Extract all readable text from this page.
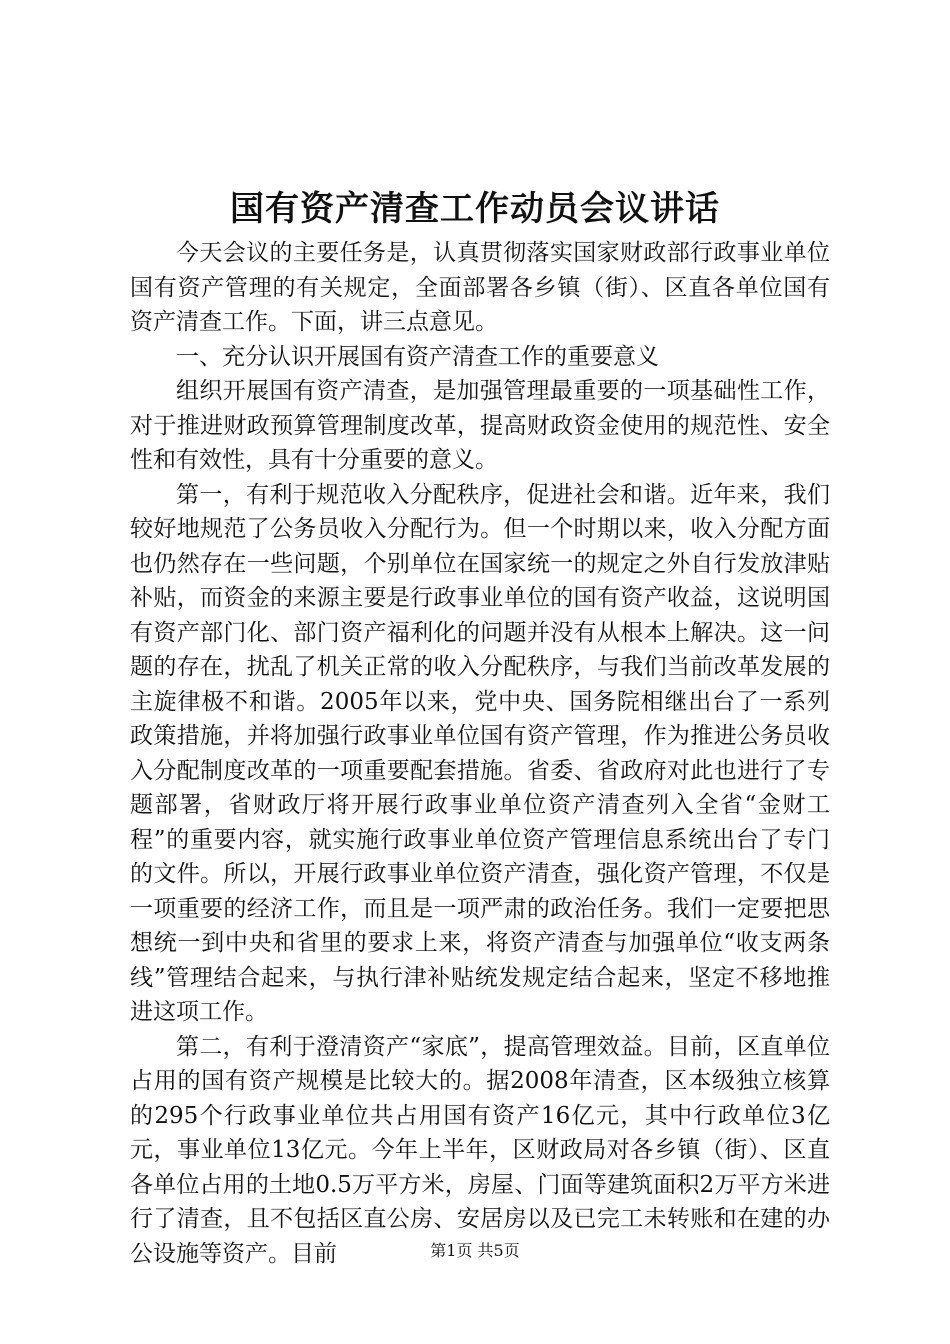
国有资产清查工作动员会议讲话

今天会议的主要任务是，认真贯彻落实国家财政部行政事业单位国有资产管理的有关规定，全面部署各乡镇（街）、区直各单位国有资产清查工作。下面，讲三点意见。

一、充分认识开展国有资产清查工作的重要意义

组织开展国有资产清查，是加强管理最重要的一项基础性工作，对于推进财政预算管理制度改革，提高财政资金使用的规范性、安全性和有效性，具有十分重要的意义。

第一，有利于规范收入分配秩序，促进社会和谐。近年来，我们较好地规范了公务员收入分配行为。但一个时期以来，收入分配方面也仍然存在一些问题，个别单位在国家统一的规定之外自行发放津贴补贴，而资金的来源主要是行政事业单位的国有资产收益，这说明国有资产部门化、部门资产福利化的问题并没有从根本上解决。这一问题的存在，扰乱了机关正常的收入分配秩序，与我们当前改革发展的主旋律极不和谐。2005年以来，党中央、国务院相继出台了一系列政策措施，并将加强行政事业单位国有资产管理，作为推进公务员收入分配制度改革的一项重要配套措施。省委、省政府对此也进行了专题部署，省财政厅将开展行政事业单位资产清查列入全省“金财工程”的重要内容，就实施行政事业单位资产管理信息系统出台了专门的文件。所以，开展行政事业单位资产清查，强化资产管理，不仅是一项重要的经济工作，而且是一项严肃的政治任务。我们一定要把思想统一到中央和省里的要求上来，将资产清查与加强单位“收支两条线”管理结合起来，与执行津补贴统发规定结合起来，坚定不移地推进这项工作。

第二，有利于澄清资产“家底”，提高管理效益。目前，区直单位占用的国有资产规模是比较大的。据2008年清查，区本级独立核算的295个行政事业单位共占用国有资产16亿元，其中行政单位3亿元，事业单位13亿元。今年上半年，区财政局对各乡镇（街）、区直各单位占用的土地0.5万平方米，房屋、门面等建筑面积2万平方米进行了清查，且不包括区直公房、安居房以及已完工未转账和在建的办公设施等资产。目前	第1页 共5页
